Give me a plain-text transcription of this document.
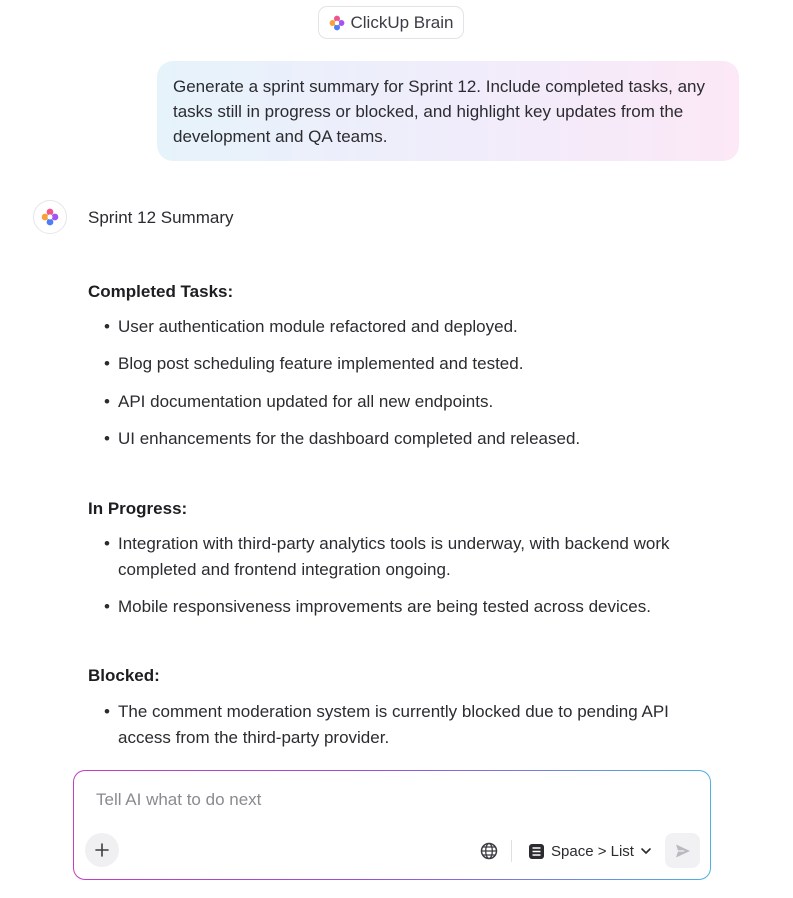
ClickUp Brain
Generate a sprint summary for Sprint 12. Include completed tasks, any tasks still in progress or blocked, and highlight key updates from the development and QA teams.
Sprint 12 Summary
Completed Tasks:
• User authentication module refactored and deployed.
• Blog post scheduling feature implemented and tested.
• API documentation updated for all new endpoints.
• UI enhancements for the dashboard completed and released.
In Progress:
• Integration with third-party analytics tools is underway, with backend work completed and frontend integration ongoing.
• Mobile responsiveness improvements are being tested across devices.
Blocked:
• The comment moderation system is currently blocked due to pending API access from the third-party provider.
Tell AI what to do next
Space > List
